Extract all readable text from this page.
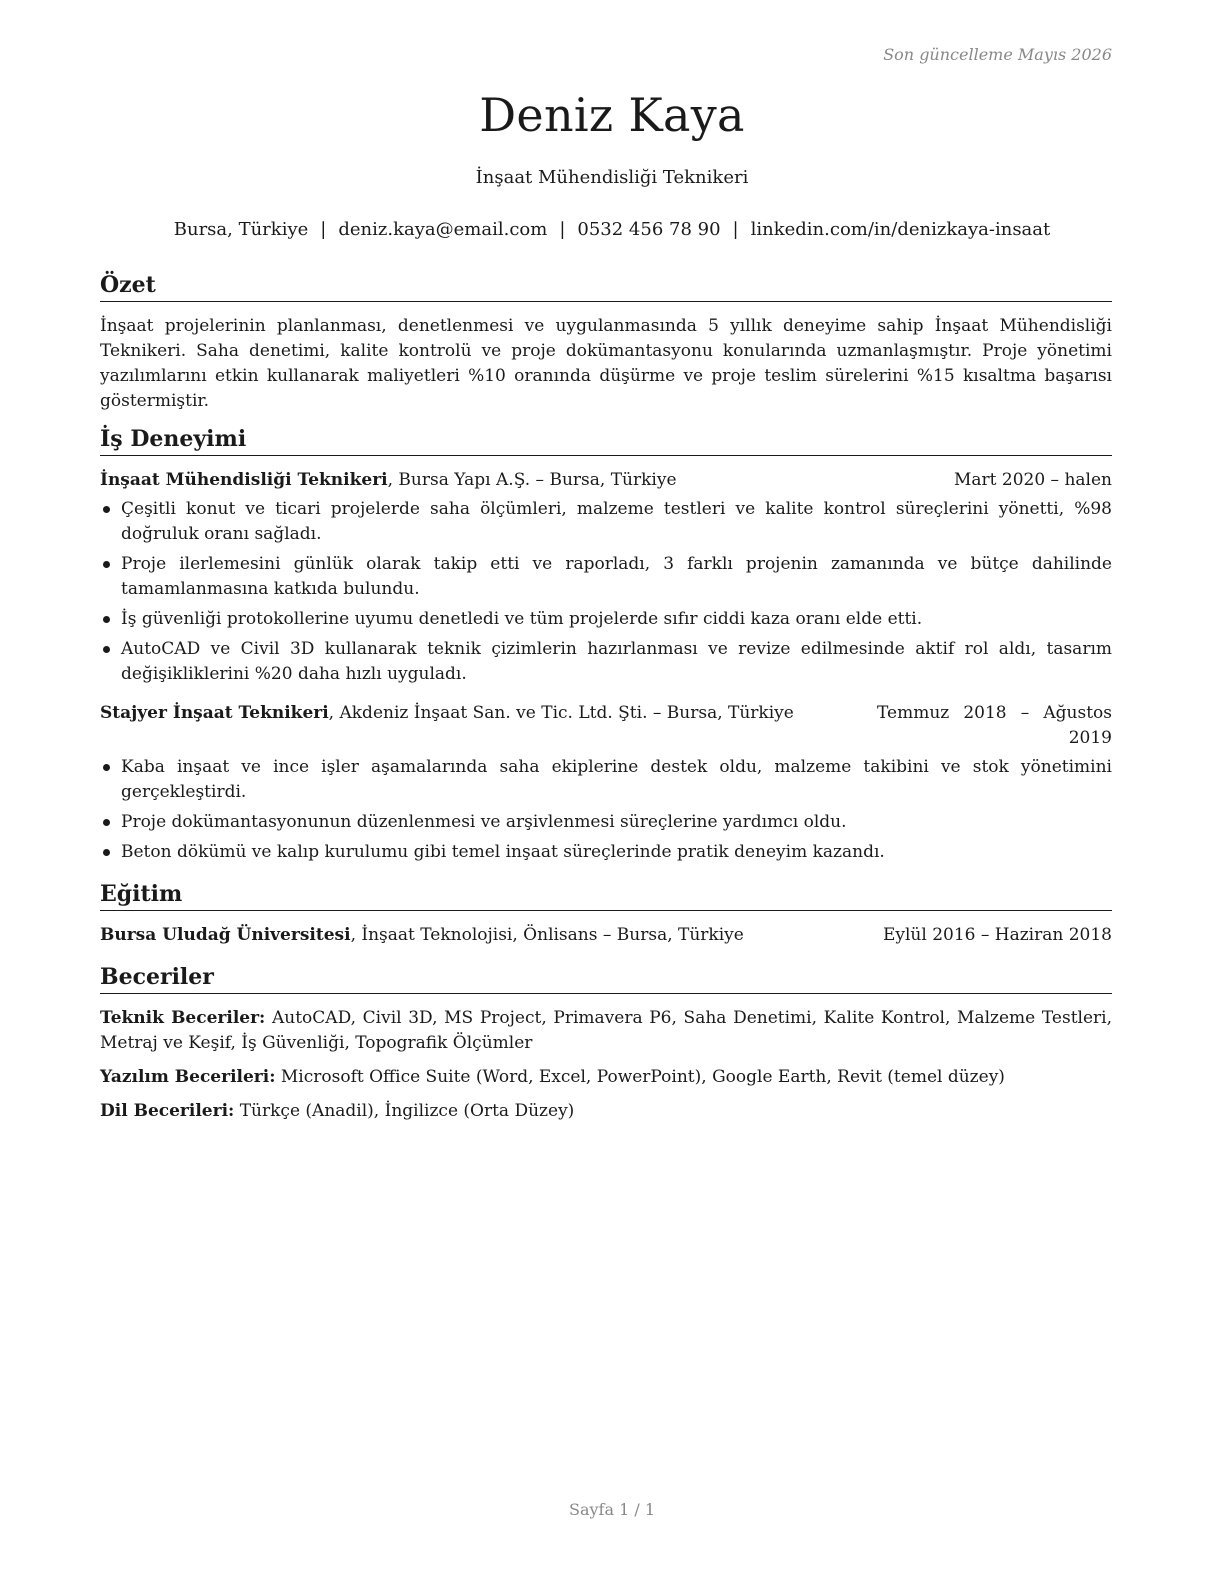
Son güncelleme Mayıs 2026
Deniz Kaya
İnşaat Mühendisliği Teknikeri
Bursa, Türkiye | deniz.kaya@email.com | 0532 456 78 90 | linkedin.com/in/denizkaya-insaat
Özet

İnşaat projelerinin planlanması, denetlenmesi ve uygulanmasında 5 yıllık deneyime sahip İnşaat Mühendisliği Teknikeri. Saha denetimi, kalite kontrolü ve proje dokümantasyonu konularında uzmanlaşmıştır. Proje yönetimi yazılımlarını etkin kullanarak maliyetleri %10 oranında düşürme ve proje teslim sürelerini %15 kısaltma başarısı göstermiştir.

İş Deneyimi
İnşaat Mühendisliği Teknikeri, Bursa Yapı A.Ş. – Bursa, Türkiye	Mart 2020 – halen
Çeşitli konut ve ticari projelerde saha ölçümleri, malzeme testleri ve kalite kontrol süreçlerini yönetti, %98 doğruluk oranı sağladı.
Proje ilerlemesini günlük olarak takip etti ve raporladı, 3 farklı projenin zamanında ve bütçe dahilinde tamamlanmasına katkıda bulundu.
İş güvenliği protokollerine uyumu denetledi ve tüm projelerde sıfır ciddi kaza oranı elde etti.
AutoCAD ve Civil 3D kullanarak teknik çizimlerin hazırlanması ve revize edilmesinde aktif rol aldı, tasarım değişikliklerini %20 daha hızlı uyguladı.
Stajyer İnşaat Teknikeri, Akdeniz İnşaat San. ve Tic. Ltd. Şti. – Bursa, Türkiye	Temmuz 2018 – Ağustos 2019
Kaba inşaat ve ince işler aşamalarında saha ekiplerine destek oldu, malzeme takibini ve stok yönetimini gerçekleştirdi.
Proje dokümantasyonunun düzenlenmesi ve arşivlenmesi süreçlerine yardımcı oldu.
Beton dökümü ve kalıp kurulumu gibi temel inşaat süreçlerinde pratik deneyim kazandı.
Eğitim
Bursa Uludağ Üniversitesi, İnşaat Teknolojisi, Önlisans – Bursa, Türkiye	Eylül 2016 – Haziran 2018
Beceriler

Teknik Beceriler: AutoCAD, Civil 3D, MS Project, Primavera P6, Saha Denetimi, Kalite Kontrol, Malzeme Testleri, Metraj ve Keşif, İş Güvenliği, Topografik Ölçümler

Yazılım Becerileri: Microsoft Office Suite (Word, Excel, PowerPoint), Google Earth, Revit (temel düzey)

Dil Becerileri: Türkçe (Anadil), İngilizce (Orta Düzey)

Sayfa 1 / 1
